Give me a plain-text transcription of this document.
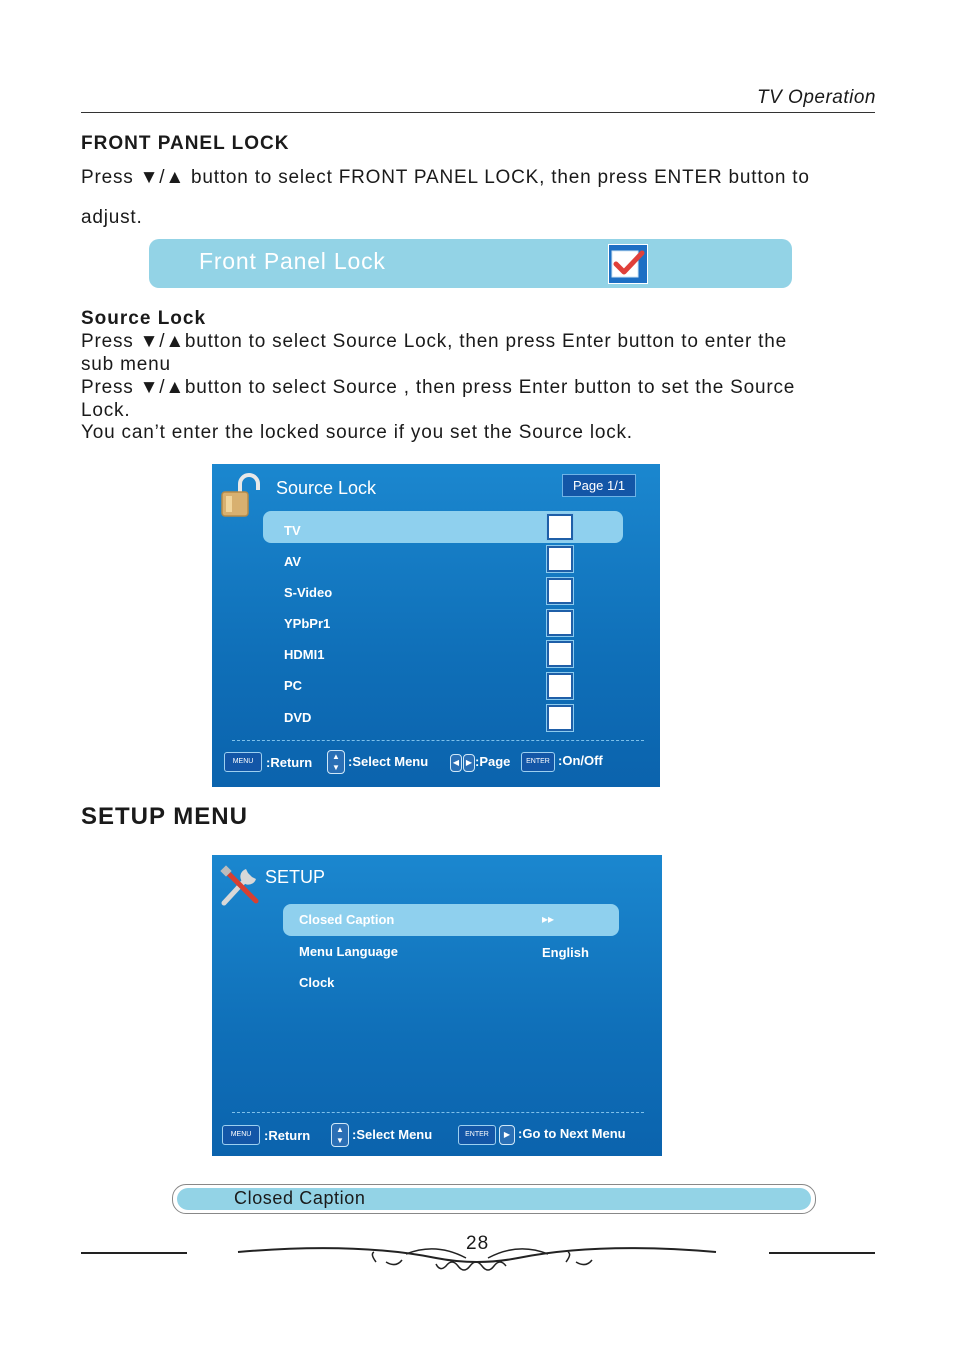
TV Operation
FRONT PANEL LOCK
Press ▼/▲ button to select FRONT PANEL LOCK, then press ENTER button to
adjust.
Front Panel Lock
Source Lock
Press ▼/▲button to select Source Lock, then press Enter button to enter the
sub menu
Press ▼/▲button to select Source , then press Enter button to set the Source
Lock.
You can’t enter the locked source if you set the Source lock.
Source Lock	Page 1/1
TV
AV
S-Video
YPbPr1
HDMI1
PC
DVD
MENU :Return	▲
▼ :Select Menu	◀ ▶ :Page	ENTER :On/Off
SETUP MENU
SETUP
Closed Caption	▸▸
Menu Language	English
Clock
MENU :Return	▲
▼ :Select Menu	ENTER	▶ :Go to Next Menu
Closed Caption
28
